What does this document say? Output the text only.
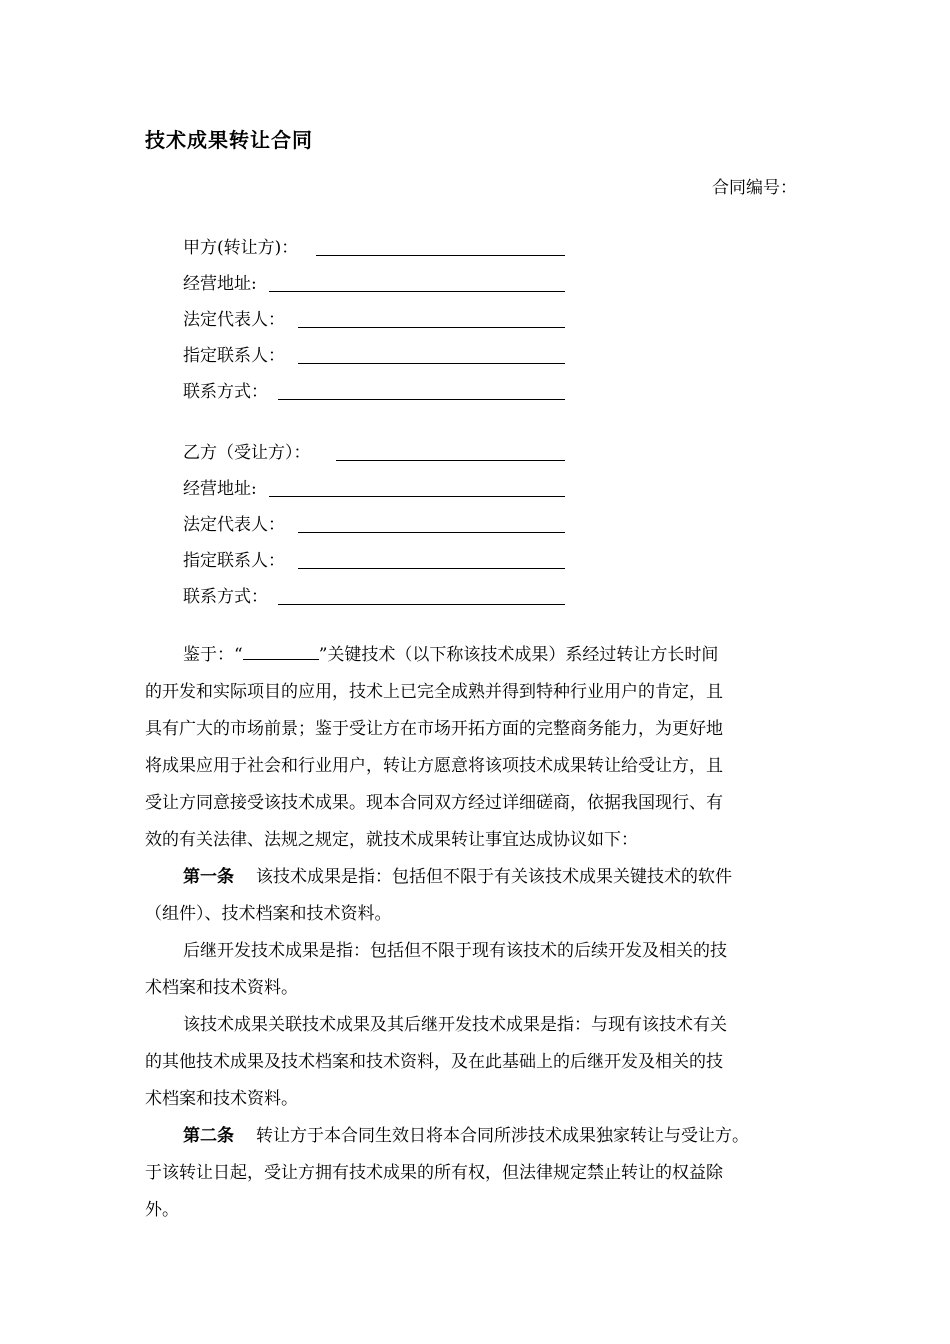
技术成果转让合同
合同编号：
甲方(转让方)：
经营地址:
法定代表人：
指定联系人：
联系方式：
乙方（受让方）：
经营地址:
法定代表人：
指定联系人：
联系方式：
鉴于：“	”关键技术（以下称该技术成果）系经过转让方长时间
的开发和实际项目的应用，技术上已完全成熟并得到特种行业用户的肯定，且
具有广大的市场前景；鉴于受让方在市场开拓方面的完整商务能力，为更好地
将成果应用于社会和行业用户，转让方愿意将该项技术成果转让给受让方，且
受让方同意接受该技术成果。现本合同双方经过详细磋商，依据我国现行、有
效的有关法律、法规之规定，就技术成果转让事宜达成协议如下：
第一条 该技术成果是指：包括但不限于有关该技术成果关键技术的软件
（组件）、技术档案和技术资料。
后继开发技术成果是指：包括但不限于现有该技术的后续开发及相关的技
术档案和技术资料。
该技术成果关联技术成果及其后继开发技术成果是指：与现有该技术有关
的其他技术成果及技术档案和技术资料，及在此基础上的后继开发及相关的技
术档案和技术资料。
第二条 转让方于本合同生效日将本合同所涉技术成果独家转让与受让方。
于该转让日起，受让方拥有技术成果的所有权，但法律规定禁止转让的权益除
外。
